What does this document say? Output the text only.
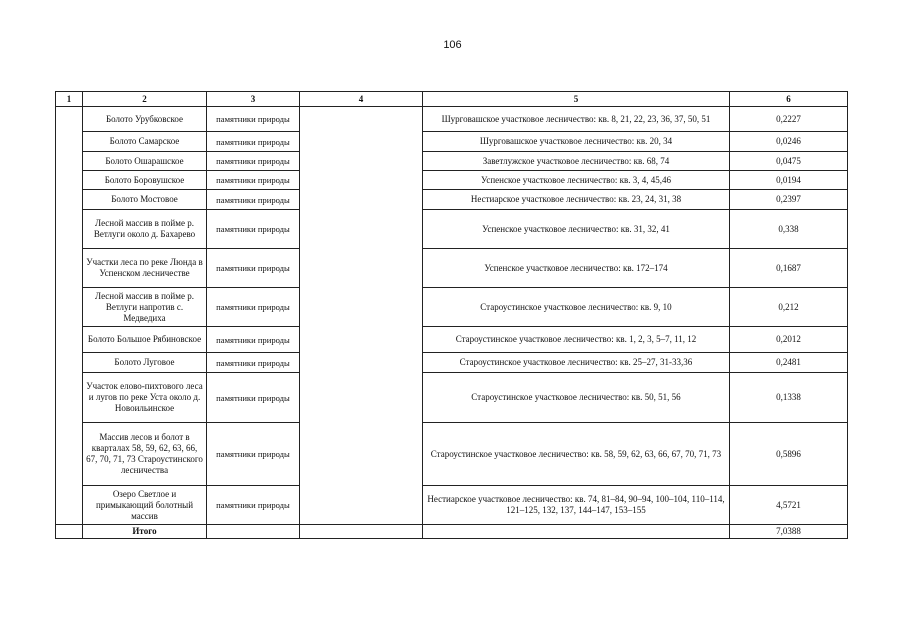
106
1	2	3	4	5	6
	Болото Урубковское	памятники природы		Шурговашское участковое лесничество: кв. 8, 21, 22, 23, 36, 37, 50, 51	0,2227
	Болото Самарское	памятники природы		Шурговашское участковое лесничество: кв. 20, 34	0,0246
	Болото Ошарашское	памятники природы		Заветлужское участковое лесничество: кв. 68, 74	0,0475
	Болото Боровушское	памятники природы		Успенское участковое лесничество: кв. 3, 4, 45,46	0,0194
	Болото Мостовое	памятники природы		Нестиарское участковое лесничество: кв. 23, 24, 31, 38	0,2397
	Лесной массив в пойме р. Ветлуги около д. Бахарево	памятники природы		Успенское участковое лесничество: кв. 31, 32, 41	0,338
	Участки леса по реке Люнда в Успенском лесничестве	памятники природы		Успенское участковое лесничество: кв. 172–174	0,1687
	Лесной массив в пойме р. Ветлуги напротив с. Медведиха	памятники природы		Староустинское участковое лесничество: кв. 9, 10	0,212
	Болото Большое Рябиновское	памятники природы		Староустинское участковое лесничество: кв. 1, 2, 3, 5–7, 11, 12	0,2012
	Болото Луговое	памятники природы		Староустинское участковое лесничество: кв. 25–27, 31-33,36	0,2481
	Участок елово-пихтового леса и лугов по реке Уста около д. Новоильинское	памятники природы		Староустинское участковое лесничество: кв. 50, 51, 56	0,1338
	Массив лесов и болот в кварталах 58, 59, 62, 63, 66, 67, 70, 71, 73 Староустинского лесничества	памятники природы		Староустинское участковое лесничество: кв. 58, 59, 62, 63, 66, 67, 70, 71, 73	0,5896
	Озеро Светлое и примыкающий болотный массив	памятники природы		Нестиарское участковое лесничество: кв. 74, 81–84, 90–94, 100–104, 110–114, 121–125, 132, 137, 144–147, 153–155	4,5721
	Итого				7,0388
